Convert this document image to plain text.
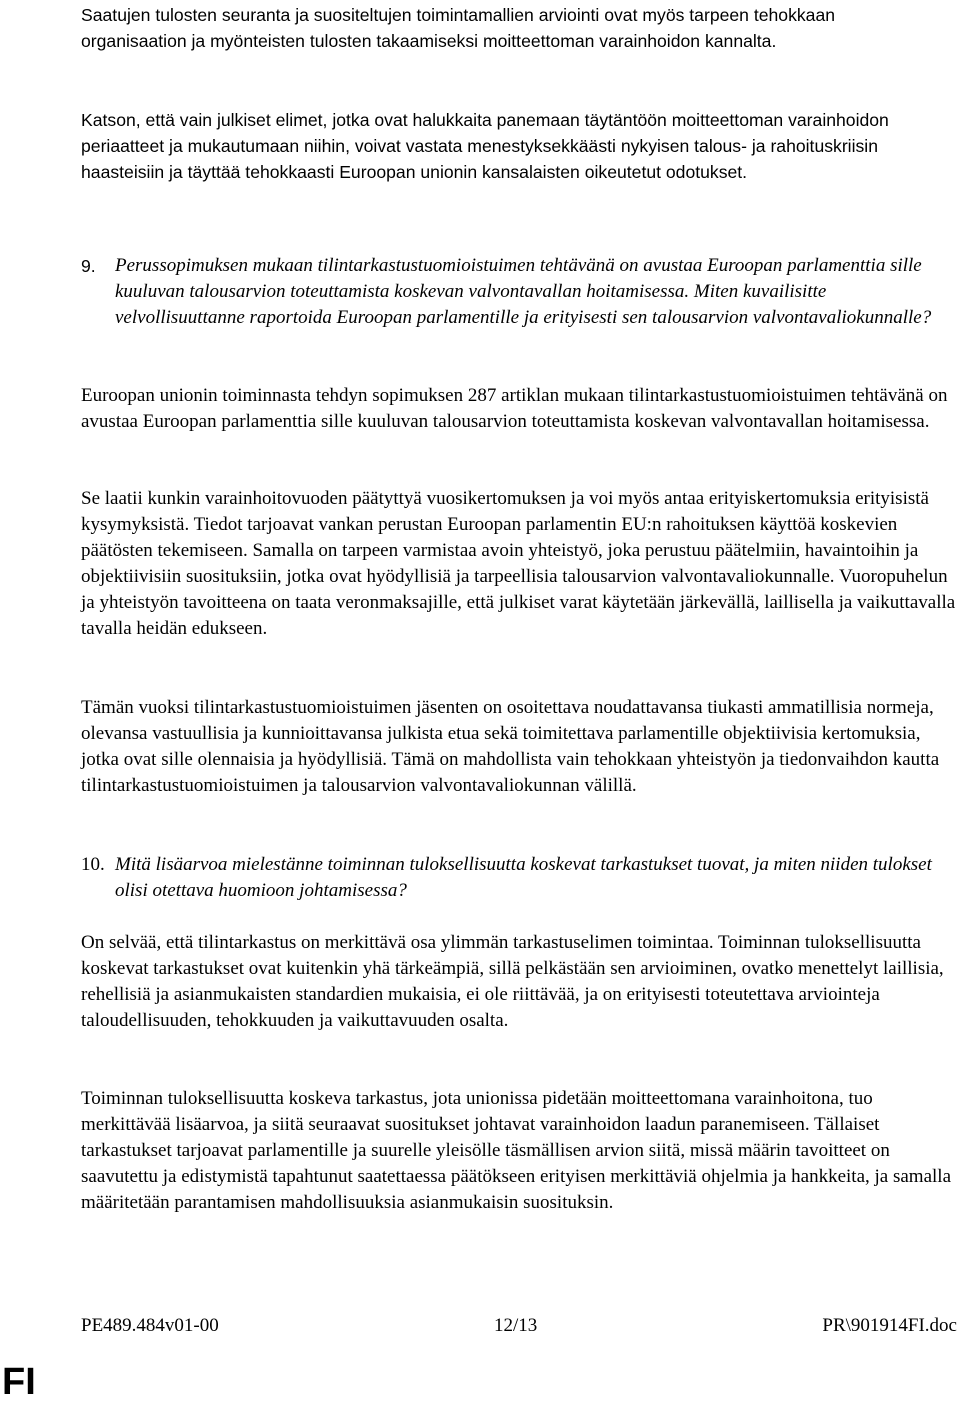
Saatujen tulosten seuranta ja suositeltujen toimintamallien arviointi ovat myös tarpeen tehokkaan organisaation ja myönteisten tulosten takaamiseksi moitteettoman varainhoidon kannalta.

Katson, että vain julkiset elimet, jotka ovat halukkaita panemaan täytäntöön moitteettoman varainhoidon periaatteet ja mukautumaan niihin, voivat vastata menestyksekkäästi nykyisen talous- ja rahoituskriisin haasteisiin ja täyttää tehokkaasti Euroopan unionin kansalaisten oikeutetut odotukset.

9. Perussopimuksen mukaan tilintarkastustuomioistuimen tehtävänä on avustaa Euroopan parlamenttia sille kuuluvan talousarvion toteuttamista koskevan valvontavallan hoitamisessa. Miten kuvailisitte velvollisuuttanne raportoida Euroopan parlamentille ja erityisesti sen talousarvion valvontavaliokunnalle?

Euroopan unionin toiminnasta tehdyn sopimuksen 287 artiklan mukaan tilintarkastustuomioistuimen tehtävänä on avustaa Euroopan parlamenttia sille kuuluvan talousarvion toteuttamista koskevan valvontavallan hoitamisessa.

Se laatii kunkin varainhoitovuoden päätyttyä vuosikertomuksen ja voi myös antaa erityiskertomuksia erityisistä kysymyksistä. Tiedot tarjoavat vankan perustan Euroopan parlamentin EU:n rahoituksen käyttöä koskevien päätösten tekemiseen. Samalla on tarpeen varmistaa avoin yhteistyö, joka perustuu päätelmiin, havaintoihin ja objektiivisiin suosituksiin, jotka ovat hyödyllisiä ja tarpeellisia talousarvion valvontavaliokunnalle. Vuoropuhelun ja yhteistyön tavoitteena on taata veronmaksajille, että julkiset varat käytetään järkevällä, laillisella ja vaikuttavalla tavalla heidän edukseen.

Tämän vuoksi tilintarkastustuomioistuimen jäsenten on osoitettava noudattavansa tiukasti ammatillisia normeja, olevansa vastuullisia ja kunnioittavansa julkista etua sekä toimitettava parlamentille objektiivisia kertomuksia, jotka ovat sille olennaisia ja hyödyllisiä. Tämä on mahdollista vain tehokkaan yhteistyön ja tiedonvaihdon kautta tilintarkastustuomioistuimen ja talousarvion valvontavaliokunnan välillä.

10. Mitä lisäarvoa mielestänne toiminnan tuloksellisuutta koskevat tarkastukset tuovat, ja miten niiden tulokset olisi otettava huomioon johtamisessa?

On selvää, että tilintarkastus on merkittävä osa ylimmän tarkastuselimen toimintaa. Toiminnan tuloksellisuutta koskevat tarkastukset ovat kuitenkin yhä tärkeämpiä, sillä pelkästään sen arvioiminen, ovatko menettelyt laillisia, rehellisiä ja asianmukaisten standardien mukaisia, ei ole riittävää, ja on erityisesti toteutettava arviointeja taloudellisuuden, tehokkuuden ja vaikuttavuuden osalta.

Toiminnan tuloksellisuutta koskeva tarkastus, jota unionissa pidetään moitteettomana varainhoitona, tuo merkittävää lisäarvoa, ja siitä seuraavat suositukset johtavat varainhoidon laadun paranemiseen. Tällaiset tarkastukset tarjoavat parlamentille ja suurelle yleisölle täsmällisen arvion siitä, missä määrin tavoitteet on saavutettu ja edistymistä tapahtunut saatettaessa päätökseen erityisen merkittäviä ohjelmia ja hankkeita, ja samalla määritetään parantamisen mahdollisuuksia asianmukaisin suosituksin.

PE489.484v01-00	12/13	PR\901914FI.doc
FI
